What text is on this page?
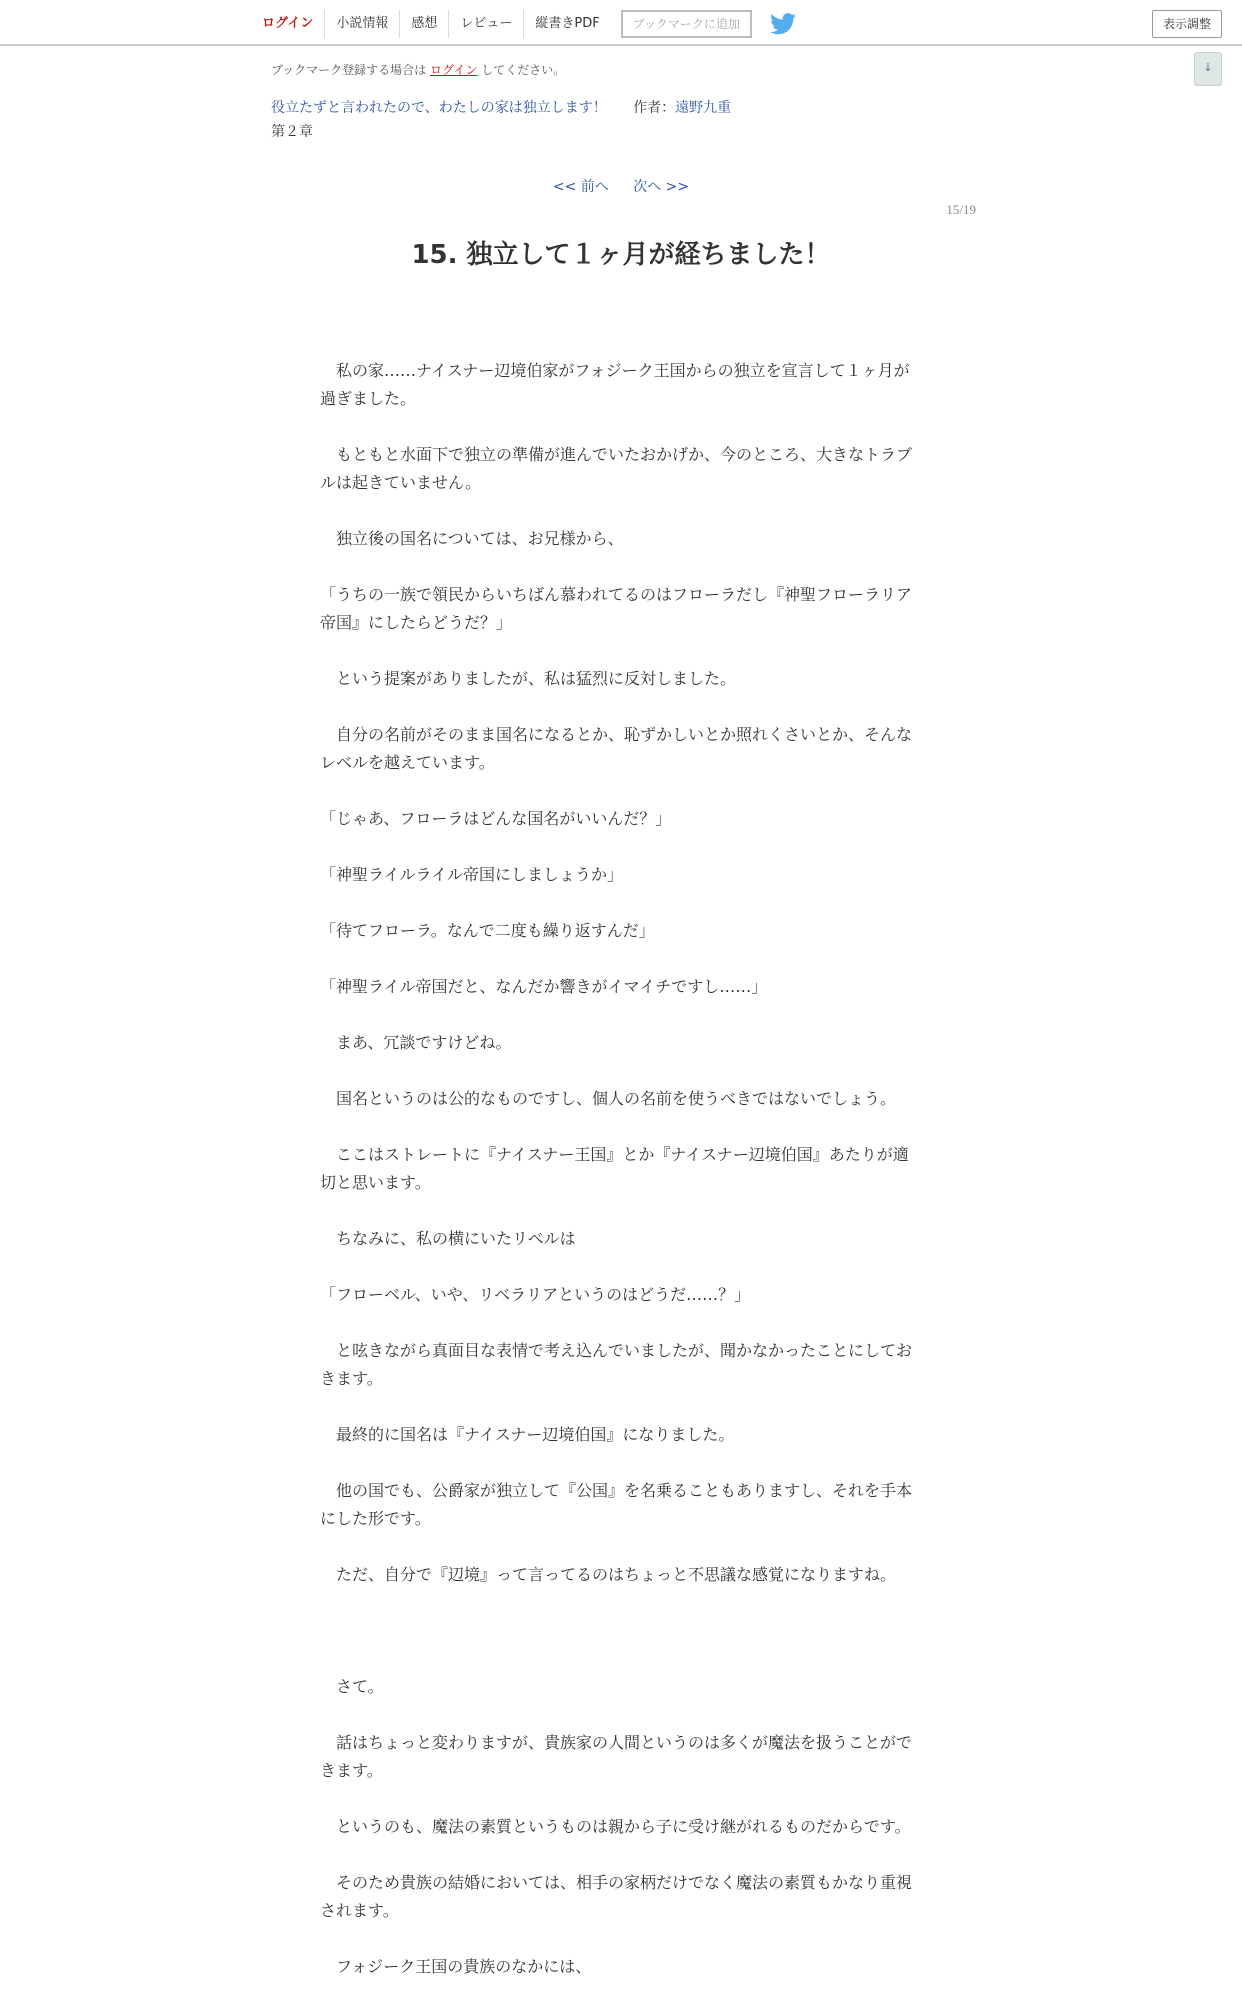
ログイン	小説情報	感想	レビュー	縦書きPDF	ブックマークに追加	表示調整
↓
ブックマーク登録する場合は ログイン してください。
役立たずと言われたので、わたしの家は独立します！ 作者：遠野九重
第２章
<< 前へ 次へ >>
15/19
15. 独立して１ヶ月が経ちました！

　私の家……ナイスナー辺境伯家がフォジーク王国からの独立を宣言して１ヶ月が過ぎました。

　もともと水面下で独立の準備が進んでいたおかげか、今のところ、大きなトラブルは起きていません。

　独立後の国名については、お兄様から、

「うちの一族で領民からいちばん慕われてるのはフローラだし『神聖フローラリア帝国』にしたらどうだ？」

　という提案がありましたが、私は猛烈に反対しました。

　自分の名前がそのまま国名になるとか、恥ずかしいとか照れくさいとか、そんなレベルを越えています。

「じゃあ、フローラはどんな国名がいいんだ？」

「神聖ライルライル帝国にしましょうか」

「待てフローラ。なんで二度も繰り返すんだ」

「神聖ライル帝国だと、なんだか響きがイマイチですし……」

　まあ、冗談ですけどね。

　国名というのは公的なものですし、個人の名前を使うべきではないでしょう。

　ここはストレートに『ナイスナー王国』とか『ナイスナー辺境伯国』あたりが適切と思います。

　ちなみに、私の横にいたリベルは

「フローベル、いや、リベラリアというのはどうだ……？」

　と呟きながら真面目な表情で考え込んでいましたが、聞かなかったことにしておきます。

　最終的に国名は『ナイスナー辺境伯国』になりました。

　他の国でも、公爵家が独立して『公国』を名乗ることもありますし、それを手本にした形です。

　ただ、自分で『辺境』って言ってるのはちょっと不思議な感覚になりますね。

　さて。

　話はちょっと変わりますが、貴族家の人間というのは多くが魔法を扱うことができます。

　というのも、魔法の素質というものは親から子に受け継がれるものだからです。

　そのため貴族の結婚においては、相手の家柄だけでなく魔法の素質もかなり重視されます。

　フォジーク王国の貴族のなかには、
